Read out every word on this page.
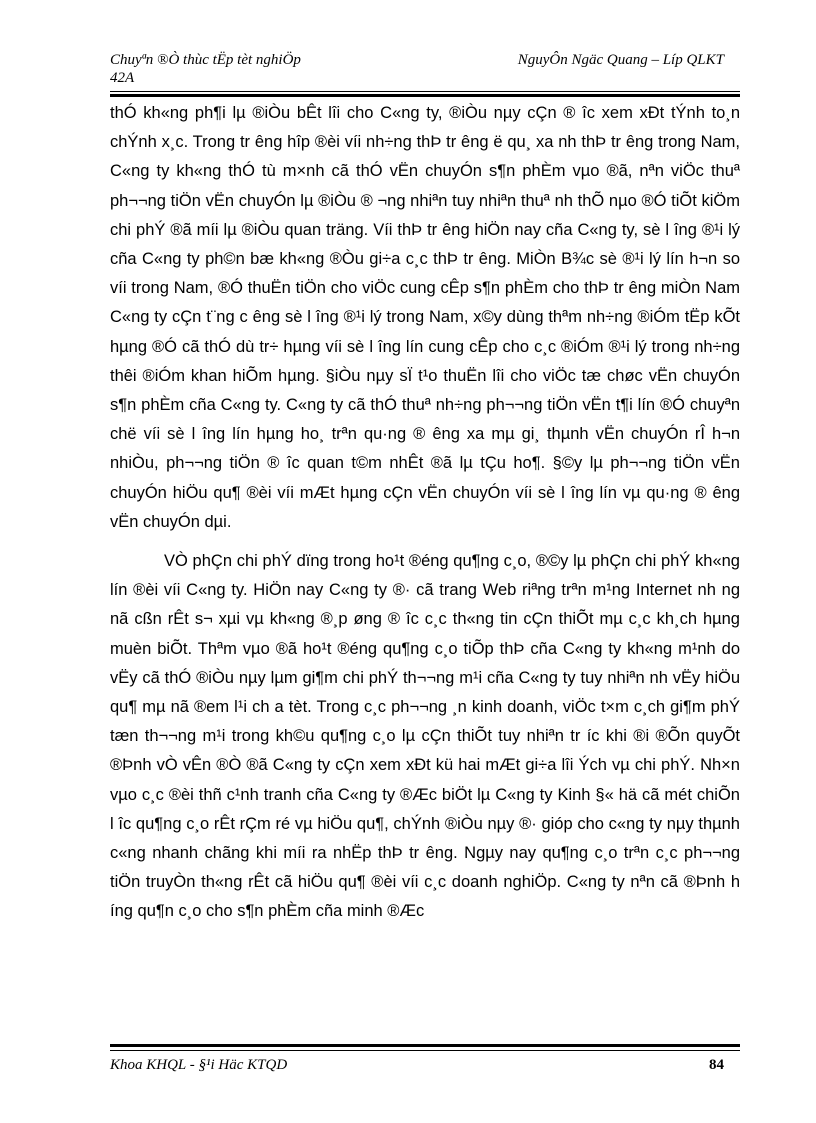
Chuyªn ®Ò thùc tËp tèt nghiÖp
42A
NguyÔn Ngäc Quang – Líp QLKT

thÓ kh«ng ph¶i lµ ®iÒu bÊt lîi cho C«ng ty, ®iÒu nµy cÇn ® îc xem xÐt tÝnh to¸n chÝnh x¸c. Trong tr êng hîp ®èi víi nh÷ng thÞ tr êng ë qu¸ xa nh thÞ tr êng trong Nam, C«ng ty kh«ng thÓ tù m×nh cã thÓ vËn chuyÓn s¶n phÈm vµo ®ã, nªn viÖc thuª ph¬¬ng tiÖn vËn chuyÓn lµ ®iÒu ® ¬ng nhiªn tuy nhiªn thuª nh thÕ nµo ®Ó tiÕt kiÖm chi phÝ ®ã míi lµ ®iÒu quan träng. Víi thÞ tr êng hiÖn nay cña C«ng ty, sè l îng ®¹i lý cña C«ng ty ph©n bæ kh«ng ®Òu gi÷a c¸c thÞ tr êng. MiÒn B¾c sè ®¹i lý lín h¬n so víi trong Nam, ®Ó thuËn tiÖn cho viÖc cung cÊp s¶n phÈm cho thÞ tr êng miÒn Nam C«ng ty cÇn t¨ng c êng sè l îng ®¹i lý trong Nam, x©y dùng thªm nh÷ng ®iÓm tËp kÕt hµng ®Ó cã thÓ dù tr÷ hµng víi sè l îng lín cung cÊp cho c¸c ®iÓm ®¹i lý trong nh÷ng thêi ®iÓm khan hiÕm hµng. §iÒu nµy sÏ t¹o thuËn lîi cho viÖc tæ chøc vËn chuyÓn s¶n phÈm cña C«ng ty. C«ng ty cã thÓ thuª nh÷ng ph¬¬ng tiÖn vËn t¶i lín ®Ó chuyªn chë víi sè l îng lín hµng ho¸ trªn qu·ng ® êng xa mµ gi¸ thµnh vËn chuyÓn rÎ h¬n nhiÒu, ph¬¬ng tiÖn ® îc quan t©m nhÊt ®ã lµ tÇu ho¶. §©y lµ ph¬¬ng tiÖn vËn chuyÓn hiÖu qu¶ ®èi víi mÆt hµng cÇn vËn chuyÓn víi sè l îng lín vµ qu·ng ® êng vËn chuyÓn dµi.

VÒ phÇn chi phÝ dïng trong ho¹t ®éng qu¶ng c¸o, ®©y lµ phÇn chi phÝ kh«ng lín ®èi víi C«ng ty. HiÖn nay C«ng ty ®· cã trang Web riªng trªn m¹ng Internet nh ng nã cßn rÊt s¬ xµi vµ kh«ng ®¸p øng ® îc c¸c th«ng tin cÇn thiÕt mµ c¸c kh¸ch hµng muèn biÕt. Thªm vµo ®ã ho¹t ®éng qu¶ng c¸o tiÕp thÞ cña C«ng ty kh«ng m¹nh do vËy cã thÓ ®iÒu nµy lµm gi¶m chi phÝ th¬¬ng m¹i cña C«ng ty tuy nhiªn nh vËy hiÖu qu¶ mµ nã ®em l¹i ch a tèt. Trong c¸c ph¬¬ng ¸n kinh doanh, viÖc t×m c¸ch gi¶m phÝ tæn th¬¬ng m¹i trong kh©u qu¶ng c¸o lµ cÇn thiÕt tuy nhiªn tr íc khi ®i ®Õn quyÕt ®Þnh vÒ vÊn ®Ò ®ã C«ng ty cÇn xem xÐt kü hai mÆt gi÷a lîi Ých vµ chi phÝ. Nh×n vµo c¸c ®èi thñ c¹nh tranh cña C«ng ty ®Æc biÖt lµ C«ng ty Kinh §« hä cã mét chiÕn l îc qu¶ng c¸o rÊt rÇm ré vµ hiÖu qu¶, chÝnh ®iÒu nµy ®· gióp cho c«ng ty nµy thµnh c«ng nhanh chãng khi míi ra nhËp thÞ tr êng. Ngµy nay qu¶ng c¸o trªn c¸c ph¬¬ng tiÖn truyÒn th«ng rÊt cã hiÖu qu¶ ®èi víi c¸c doanh nghiÖp. C«ng ty nªn cã ®Þnh h íng qu¶n c¸o cho s¶n phÈm cña minh ®Æc

Khoa KHQL - §¹i Häc KTQD	84
